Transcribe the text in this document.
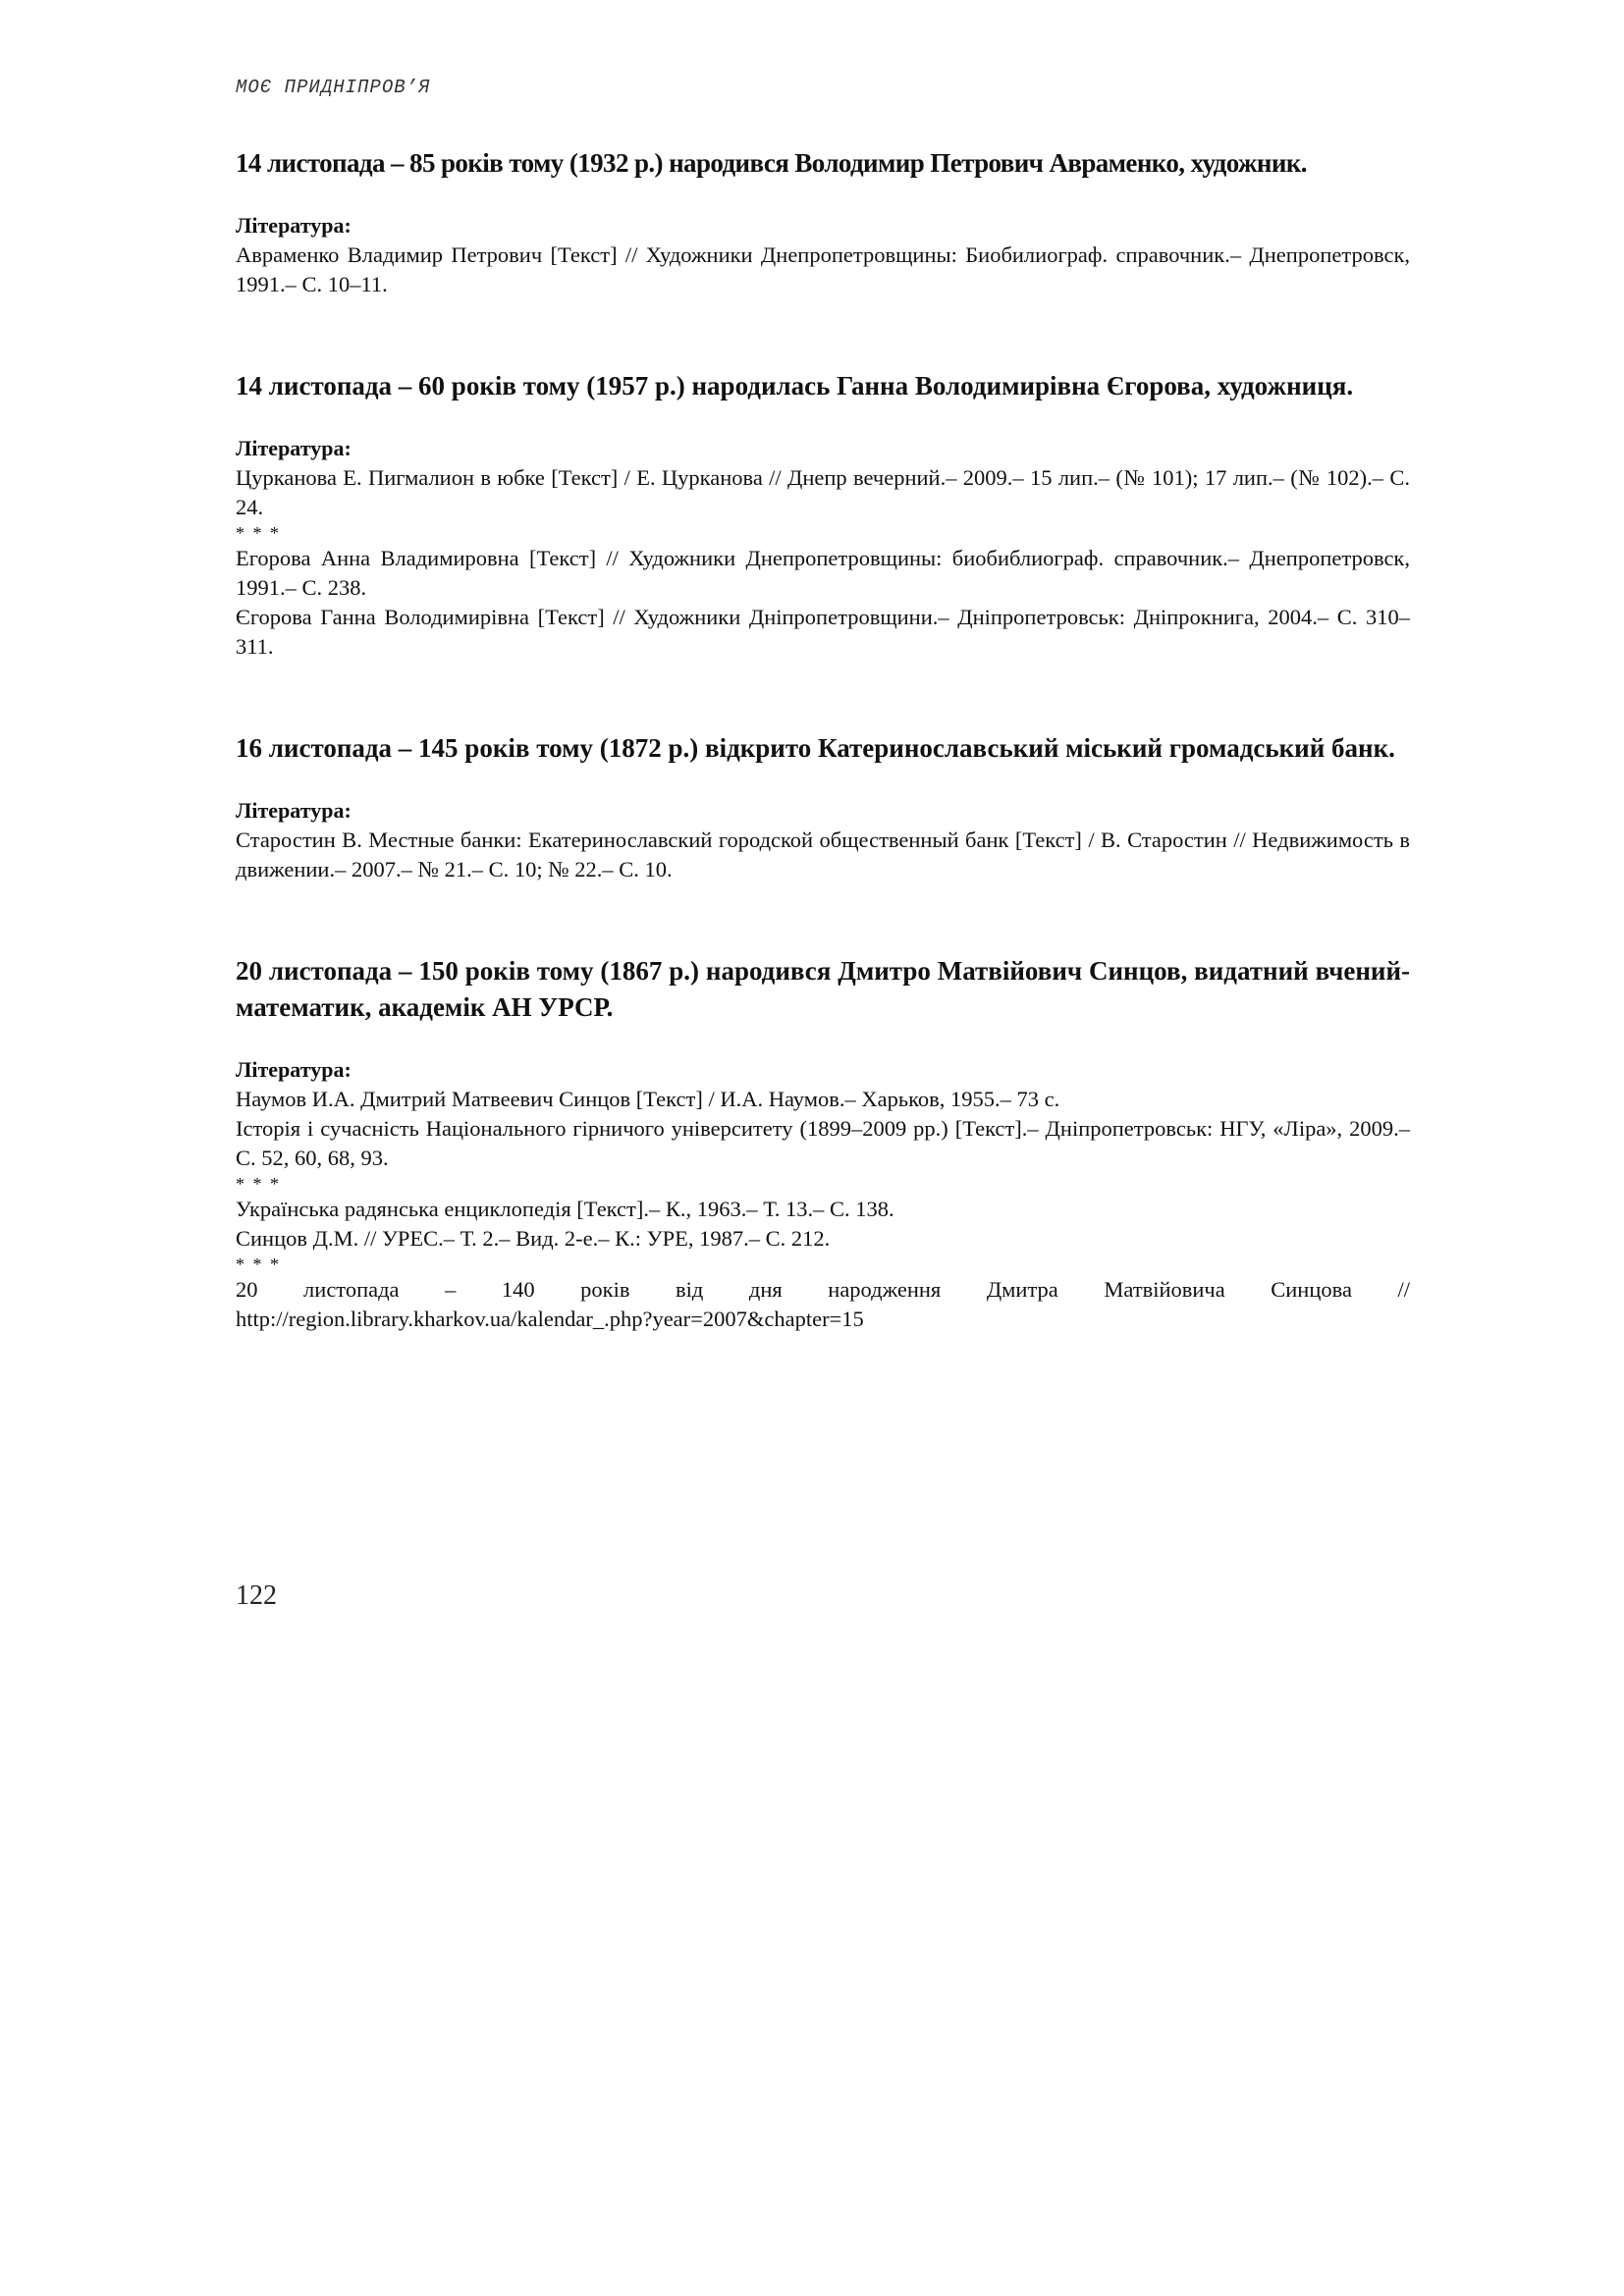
МОЄ ПРИДНІПРОВ’Я

14 листопада – 85 років тому (1932 р.) народився Володимир Петрович Авраменко, художник.

Література:

Авраменко Владимир Петрович [Текст] // Художники Днепропетровщины: Биобилиограф. справочник.– Днепропетровск, 1991.– С. 10–11.

14 листопада – 60 років тому (1957 р.) народилась Ганна Володимирівна Єгорова, художниця.

Література:

Цурканова Е. Пигмалион в юбке [Текст] / Е. Цурканова // Днепр вечерний.– 2009.– 15 лип.– (№ 101); 17 лип.– (№ 102).– С. 24.

* * *

Егорова Анна Владимировна [Текст] // Художники Днепропетровщины: биобиблиограф. справочник.– Днепропетровск, 1991.– С. 238.

Єгорова Ганна Володимирівна [Текст] // Художники Дніпропетровщини.– Дніпропетровськ: Дніпрокнига, 2004.– С. 310–311.

16 листопада – 145 років тому (1872 р.) відкрито Катеринославський міський громадський банк.

Література:

Старостин В. Местные банки: Екатеринославский городской общественный банк [Текст] / В. Старостин // Недвижимость в движении.– 2007.– № 21.– С. 10; № 22.– С. 10.

20 листопада – 150 років тому (1867 р.) народився Дмитро Матвійович Синцов, видатний вчений-математик, академік АН УРСР.

Література:

Наумов И.А. Дмитрий Матвеевич Синцов [Текст] / И.А. Наумов.– Харьков, 1955.– 73 с.

Історія і сучасність Національного гірничого університету (1899–2009 рр.) [Текст].– Дніпропетровськ: НГУ, «Ліра», 2009.– С. 52, 60, 68, 93.

* * *

Українська радянська енциклопедія [Текст].– К., 1963.– Т. 13.– С. 138.

Синцов Д.М. // УРЕС.– Т. 2.– Вид. 2-е.– К.: УРЕ, 1987.– С. 212.

* * *

20 листопада – 140 років від дня народження Дмитра Матвійовича Синцова //

http://region.library.kharkov.ua/kalendar_.php?year=2007&chapter=15

122
